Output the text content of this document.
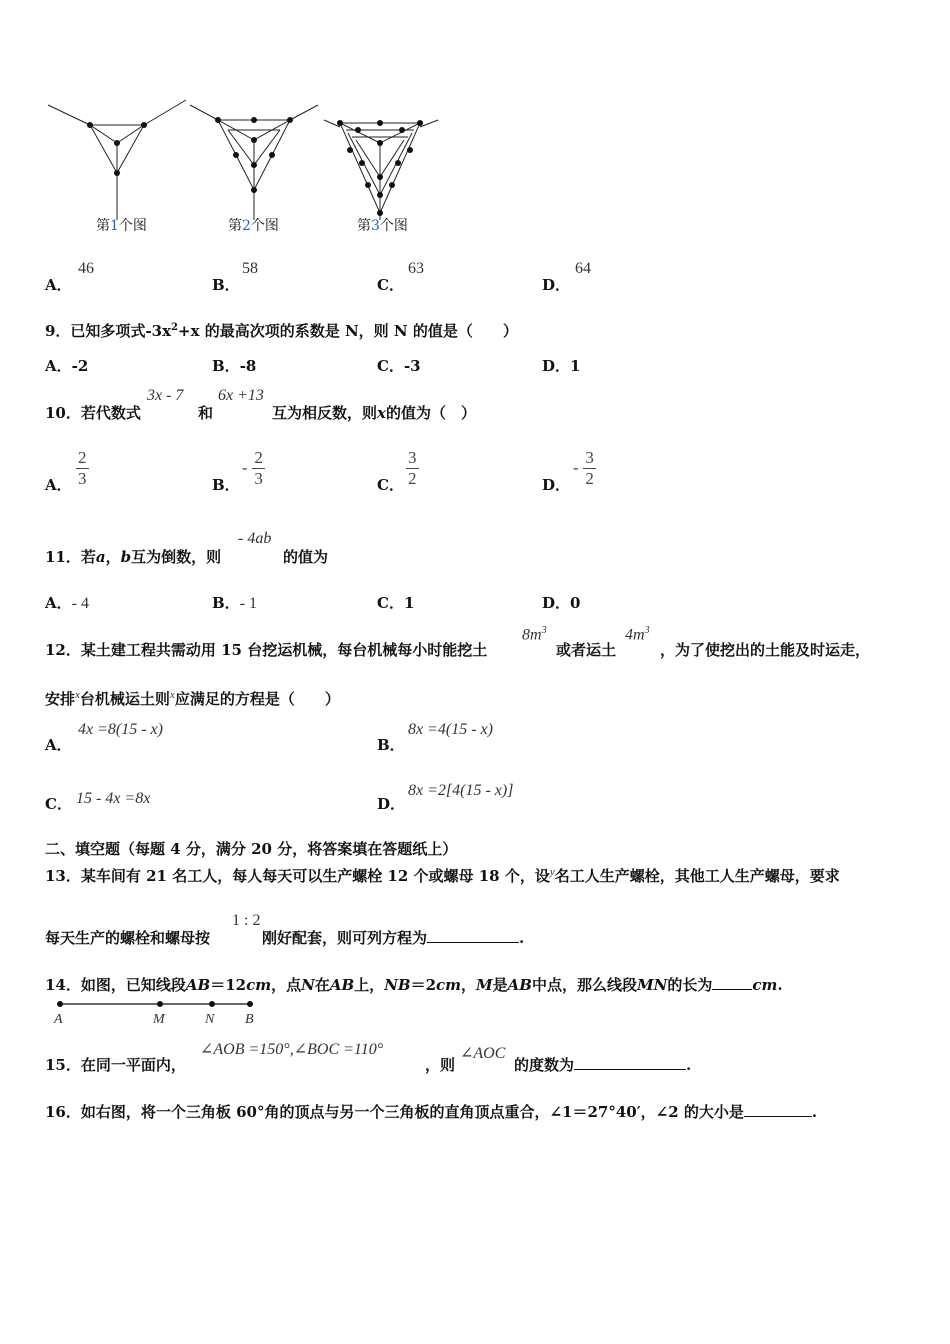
第1个图	第2个图	第3个图
A．
46
B．
58
C．
63
D．
64
9．已知多项式$-3x^2+x$ 的最高次项的系数是 N，则 N 的值是（　　）
A．-2	B．-8	C．-3	D．1
10．若代数式
3x - 7
和
6x +13
互为相反数，则x的值为（　）
A． $\frac{2}{3}$	B．
- $\frac{2}{3}$	C． $\frac{3}{2}$	D．
- $\frac{3}{2}$
11．若a，b互为倒数，则
- 4ab
的值为
A．- 4	B．- 1	C．1	D．0
12．某土建工程共需动用 15 台挖运机械，每台机械每小时能挖土
$8m^3$
或者运土
$4m^3$
，为了使挖出的土能及时运走，
安排$^x$台机械运土则$^x$应满足的方程是（　　）
A．
4x =8(15 - x)
B．
8x =4(15 - x)
C． 15 - 4x =8x	D．
8x =2[4(15 - x)]
二、填空题（每题 4 分，满分 20 分，将答案填在答题纸上）
13．某车间有 21 名工人，每人每天可以生产螺栓 12 个或螺母 18 个，设$^y$名工人生产螺栓，其他工人生产螺母，要求
每天生产的螺栓和螺母按
1 : 2
刚好配套，则可列方程为	.
14．如图，已知线段AB＝12cm，点N在AB上，NB＝2cm，M是AB中点，那么线段MN的长为	cm.
A	M	N B
15．在同一平面内，
∠AOB =150°,∠BOC =110°
，则
∠AOC
的度数为	.
16．如右图，将一个三角板 60°角的顶点与另一个三角板的直角顶点重合，∠1＝27°40′，∠2 的大小是	.
